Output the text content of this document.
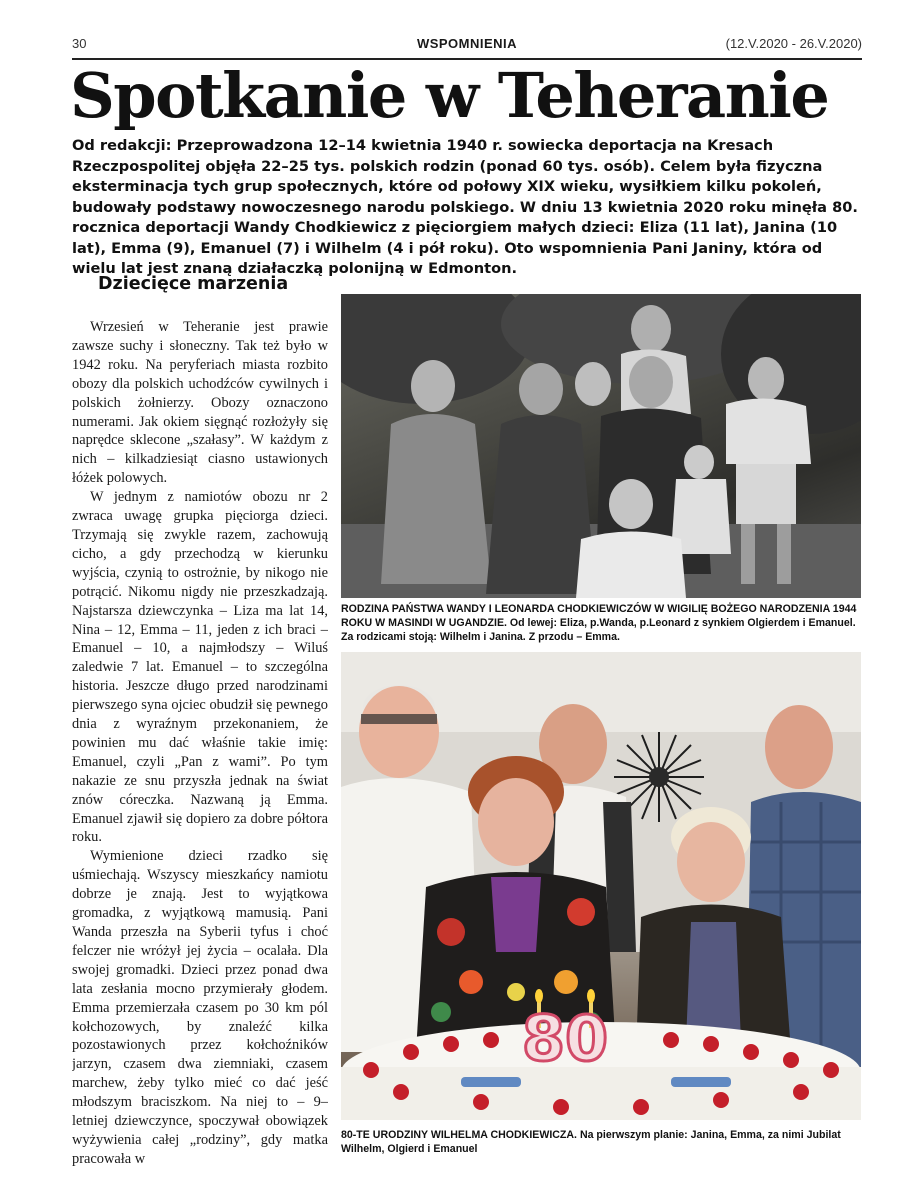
30	WSPOMNIENIA	(12.V.2020 - 26.V.2020)
Spotkanie w Teheranie

Od redakcji: Przeprowadzona 12–14 kwietnia 1940 r. sowiecka deportacja na Kresach Rzeczpospolitej objęła 22–25 tys. polskich rodzin (ponad 60 tys. osób). Celem była fizyczna eksterminacja tych grup społecznych, które od połowy XIX wieku, wysiłkiem kilku pokoleń, budowały podstawy nowoczesnego narodu polskiego. W dniu 13 kwietnia 2020 roku minęła 80. rocznica deportacji Wandy Chodkiewicz z pięciorgiem małych dzieci: Eliza (11 lat), Janina (10 lat), Emma (9), Emanuel (7) i Wilhelm (4 i pół roku). Oto wspomnienia Pani Janiny, która od wielu lat jest znaną działaczką polonijną w Edmonton.

Dziecięce marzenia

Wrzesień w Teheranie jest prawie zawsze suchy i słoneczny. Tak też było w 1942 roku. Na peryferiach miasta rozbito obozy dla polskich uchodźców cywilnych i polskich żołnierzy. Obozy oznaczono numerami. Jak okiem sięgnąć rozłożyły się naprędce sklecone „szałasy”. W każdym z nich – kilkadziesiąt ciasno ustawionych łóżek polowych.

W jednym z namiotów obozu nr 2 zwraca uwagę grupka pięciorga dzieci. Trzymają się zwykle razem, zachowują cicho, a gdy przechodzą w kierunku wyjścia, czynią to ostrożnie, by nikogo nie potrącić. Nikomu nigdy nie przeszkadzają. Najstarsza dziewczynka – Liza ma lat 14, Nina – 12, Emma – 11, jeden z ich braci – Emanuel – 10, a najmłodszy – Wiluś zaledwie 7 lat. Emanuel – to szczególna historia. Jeszcze długo przed narodzinami pierwszego syna ojciec obudził się pewnego dnia z wyraźnym przekonaniem, że powinien mu dać właśnie takie imię: Emanuel, czyli „Pan z wami”. Po tym nakazie ze snu przyszła jednak na świat znów córeczka. Nazwaną ją Emma. Emanuel zjawił się dopiero za dobre półtora roku.

Wymienione dzieci rzadko się uśmiechają. Wszyscy mieszkańcy namiotu dobrze je znają. Jest to wyjątkowa gromadka, z wyjątkową mamusią. Pani Wanda przeszła na Syberii tyfus i choć felczer nie wróżył jej życia – ocalała. Dla swojej gromadki. Dzieci przez ponad dwa lata zesłania mocno przymierały głodem. Emma przemierzała czasem po 30 km pól kołchozowych, by znaleźć kilka pozostawionych przez kołchoźników jarzyn, czasem dwa ziemniaki, czasem marchew, żeby tylko mieć co dać jeść młodszym braciszkom. Na niej to – 9–letniej dziewczynce, spoczywał obowiązek wyżywienia całej „rodziny”, gdy matka pracowała w

RODZINA PAŃSTWA WANDY I LEONARDA CHODKIEWICZÓW W WIGILIĘ BOŻEGO NARODZENIA 1944 ROKU W MASINDI W UGANDZIE. Od lewej: Eliza, p.Wanda, p.Leonard z synkiem Olgierdem i Emanuel. Za rodzicami stoją: Wilhelm i Janina. Z przodu – Emma.

80

80-TE URODZINY WILHELMA CHODKIEWICZA. Na pierwszym planie: Janina, Emma, za nimi Jubilat Wilhelm, Olgierd i Emanuel
